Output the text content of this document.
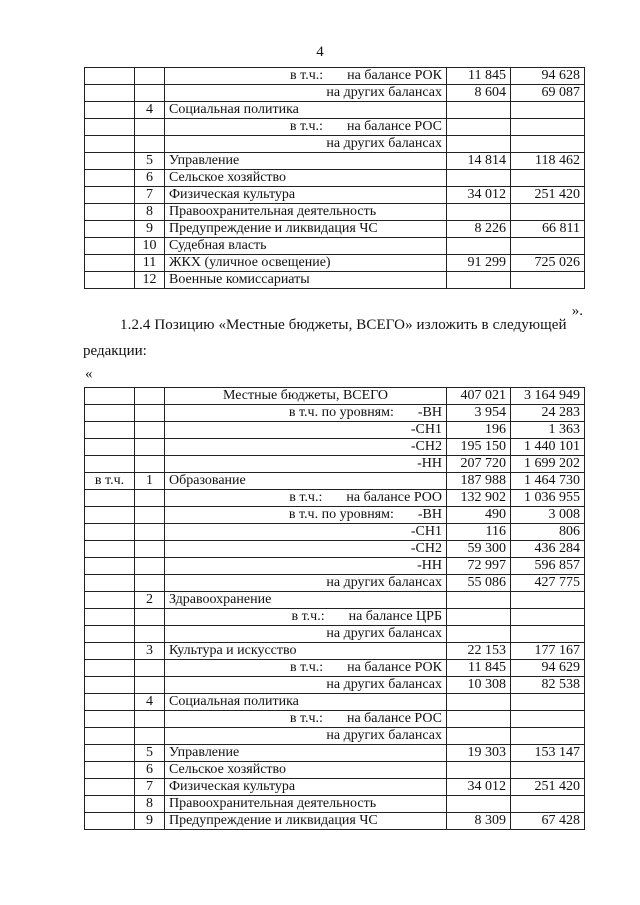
4
		в т.ч.: на балансе РОК	11 845	94 628
		на других балансах	8 604	69 087
	4	Социальная политика		
		в т.ч.: на балансе РОС		
		на других балансах		
	5	Управление	14 814	118 462
	6	Сельское хозяйство		
	7	Физическая культура	34 012	251 420
	8	Правоохранительная деятельность		
	9	Предупреждение и ликвидация ЧС	8 226	66 811
	10	Судебная власть		
	11	ЖКХ (уличное освещение)	91 299	725 026
	12	Военные комиссариаты		
».
1.2.4 Позицию «Местные бюджеты, ВСЕГО» изложить в следующей
редакции:
«
		Местные бюджеты, ВСЕГО	407 021	3 164 949
		в т.ч. по уровням: -ВН	3 954	24 283
		-СН1	196	1 363
		-СН2	195 150	1 440 101
		-НН	207 720	1 699 202
в т.ч.	1	Образование	187 988	1 464 730
		в т.ч.: на балансе РОО	132 902	1 036 955
		в т.ч. по уровням: -ВН	490	3 008
		-СН1	116	806
		-СН2	59 300	436 284
		-НН	72 997	596 857
		на других балансах	55 086	427 775
	2	Здравоохранение		
		в т.ч.: на балансе ЦРБ		
		на других балансах		
	3	Культура и искусство	22 153	177 167
		в т.ч.: на балансе РОК	11 845	94 629
		на других балансах	10 308	82 538
	4	Социальная политика		
		в т.ч.: на балансе РОС		
		на других балансах		
	5	Управление	19 303	153 147
	6	Сельское хозяйство		
	7	Физическая культура	34 012	251 420
	8	Правоохранительная деятельность		
	9	Предупреждение и ликвидация ЧС	8 309	67 428
